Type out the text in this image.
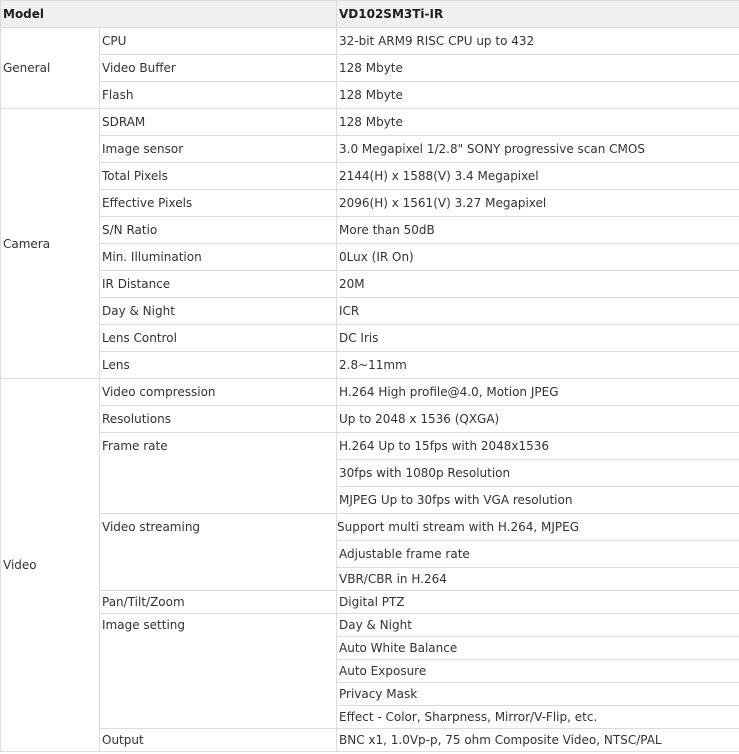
Model		VD102SM3Ti-IR
General	CPU	32-bit ARM9 RISC CPU up to 432
	Video Buffer	128 Mbyte
	Flash	128 Mbyte
Camera	SDRAM	128 Mbyte
	Image sensor	3.0 Megapixel 1/2.8" SONY progressive scan CMOS
	Total Pixels	2144(H) x 1588(V) 3.4 Megapixel
	Effective Pixels	2096(H) x 1561(V) 3.27 Megapixel
	S/N Ratio	More than 50dB
	Min. Illumination	0Lux (IR On)
	IR Distance	20M
	Day & Night	ICR
	Lens Control	DC Iris
	Lens	2.8~11mm
Video	Video compression	H.264 High profile@4.0, Motion JPEG
	Resolutions	Up to 2048 x 1536 (QXGA)
	Frame rate	H.264 Up to 15fps with 2048x1536
		30fps with 1080p Resolution
		MJPEG Up to 30fps with VGA resolution
	Video streaming	Support multi stream with H.264, MJPEG
		Adjustable frame rate
		VBR/CBR in H.264
	Pan/Tilt/Zoom	Digital PTZ
	Image setting	Day & Night
		Auto White Balance
		Auto Exposure
		Privacy Mask
		Effect - Color, Sharpness, Mirror/V-Flip, etc.
	Output	BNC x1, 1.0Vp-p, 75 ohm Composite Video, NTSC/PAL
